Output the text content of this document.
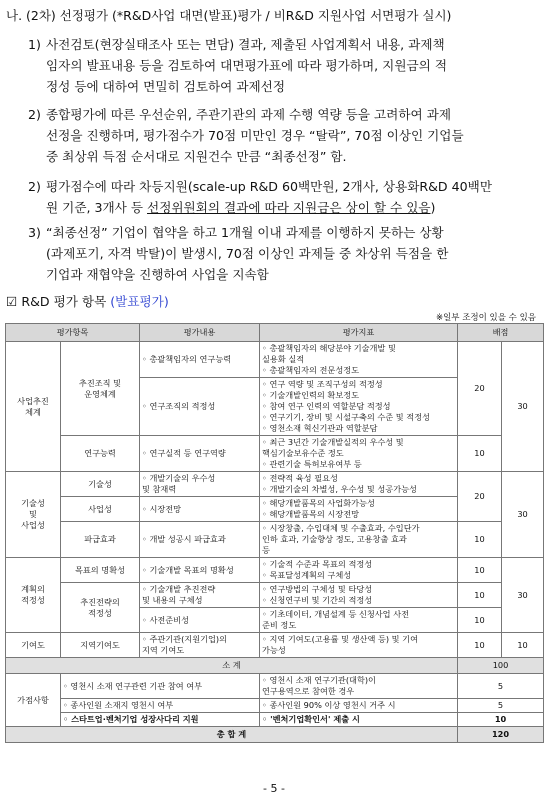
나. (2차) 선정평가 (*R&D사업 대면(발표)평가 / 비R&D 지원사업 서면평가 실시)
1) 사전검토(현장실태조사 또는 면담) 결과, 제출된 사업계획서 내용, 과제책
임자의 발표내용 등을 검토하여 대면평가표에 따라 평가하며, 지원금의 적
정성 등에 대하여 면밀히 검토하여 과제선정
2) 종합평가에 따른 우선순위, 주관기관의 과제 수행 역량 등을 고려하여 과제
선정을 진행하며, 평가점수가 70점 미만인 경우 “탈락”, 70점 이상인 기업들
중 최상위 득점 순서대로 지원건수 만큼 “최종선정” 함.
2) 평가점수에 따라 차등지원(scale-up R&D 60백만원, 2개사, 상용화R&D 40백만
원 기준, 3개사 등 선정위원회의 결과에 따라 지원금은 상이 할 수 있음)
3) “최종선정” 기업이 협약을 하고 1개월 이내 과제를 이행하지 못하는 상황
(과제포기, 자격 박탈)이 발생시, 70점 이상인 과제들 중 차상위 득점을 한
기업과 재협약을 진행하여 사업을 지속함
☑ R&D 평가 항목 (발표평가)
※일부 조정이 있을 수 있음
평가항목		평가내용	평가지표	배점	
사업추진
체계	추진조직 및
운영체계	◦ 총괄책임자의 연구능력	◦ 총괄책임자의 해당분야 기술개발 및
실용화 실적
◦ 총괄책임자의 전문성정도	20	30
		◦ 연구조직의 적정성	◦ 연구 역량 및 조직구성의 적정성
◦ 기술개발인력의 확보정도
◦ 참여 연구 인력의 역할분담 적정성
◦ 연구기기, 장비 및 시설구축의 수준 및 적정성
◦ 영천소재 혁신기관과 역할분담		

	연구능력	◦ 연구실적 등 연구역량	◦ 최근 3년간 기술개발실적의 우수성 및
핵심기술보유수준 정도
◦ 관련기술 특허보유여부 등	10	
기술성
및
사업성	기술성	◦ 개발기술의 우수성
및 참재력	◦ 전략적 육성 필요성
◦ 개발기술의 차별성, 우수성 및 성공가능성	20	30
	사업성	◦ 시장전망	◦ 해당개발품목의 사업화가능성
◦ 해당개발품목의 시장전망		

	파급효과	◦ 개발 성공시 파급효과	◦ 시장창출, 수입대체 및 수출효과, 수입단가
인하 효과, 기술향상 정도, 고용창출 효과
등	10	
계획의
적정성	목표의 명확성	◦ 기술개발 목표의 명확성	◦ 기술적 수준과 목표의 적정성
◦ 목표달성계획의 구체성	10	30
	추진전략의
적정성	◦ 기술개발 추진전략
및 내용의 구체성	◦ 연구방법의 구체성 및 타당성
◦ 신청연구비 및 기간의 적정성	10	
		◦ 사전준비성	◦ 기초데이터, 개념설계 등 신청사업 사전
준비 정도	10	
기여도	지역기여도	◦ 주관기관(지원기업)의
지역 기여도	◦ 지역 기여도(고용률 및 생산액 등) 및 기여
가능성	10	10
소 계				100	
가점사항	◦ 영천시 소재 연구관련 기관 참여 여부		◦ 영천시 소재 연구기관(대학)이
연구용역으로 참여한 경우	5	
	◦ 종사인원 소재지 영천시 여부		◦ 종사인원 90% 이상 영천시 거주 시	5	
	◦ 스타트업·벤처기업 성장사다리 지원		◦ '벤처기업확인서' 제출 시	10	
총 합 계				120	
- 5 -
